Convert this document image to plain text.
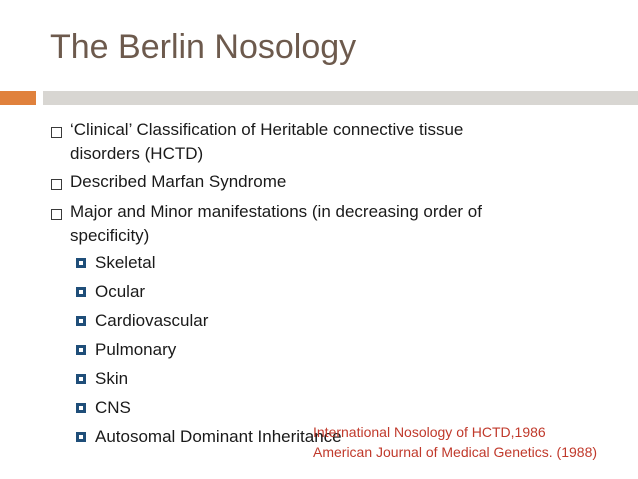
The Berlin Nosology
‘Clinical’ Classification of Heritable connective tissue
disorders (HCTD)
Described Marfan Syndrome
Major and Minor manifestations (in decreasing order of
specificity)
Skeletal
Ocular
Cardiovascular
Pulmonary
Skin
CNS
Autosomal Dominant Inheritance
International Nosology of HCTD,1986
American Journal of Medical Genetics. (1988)
